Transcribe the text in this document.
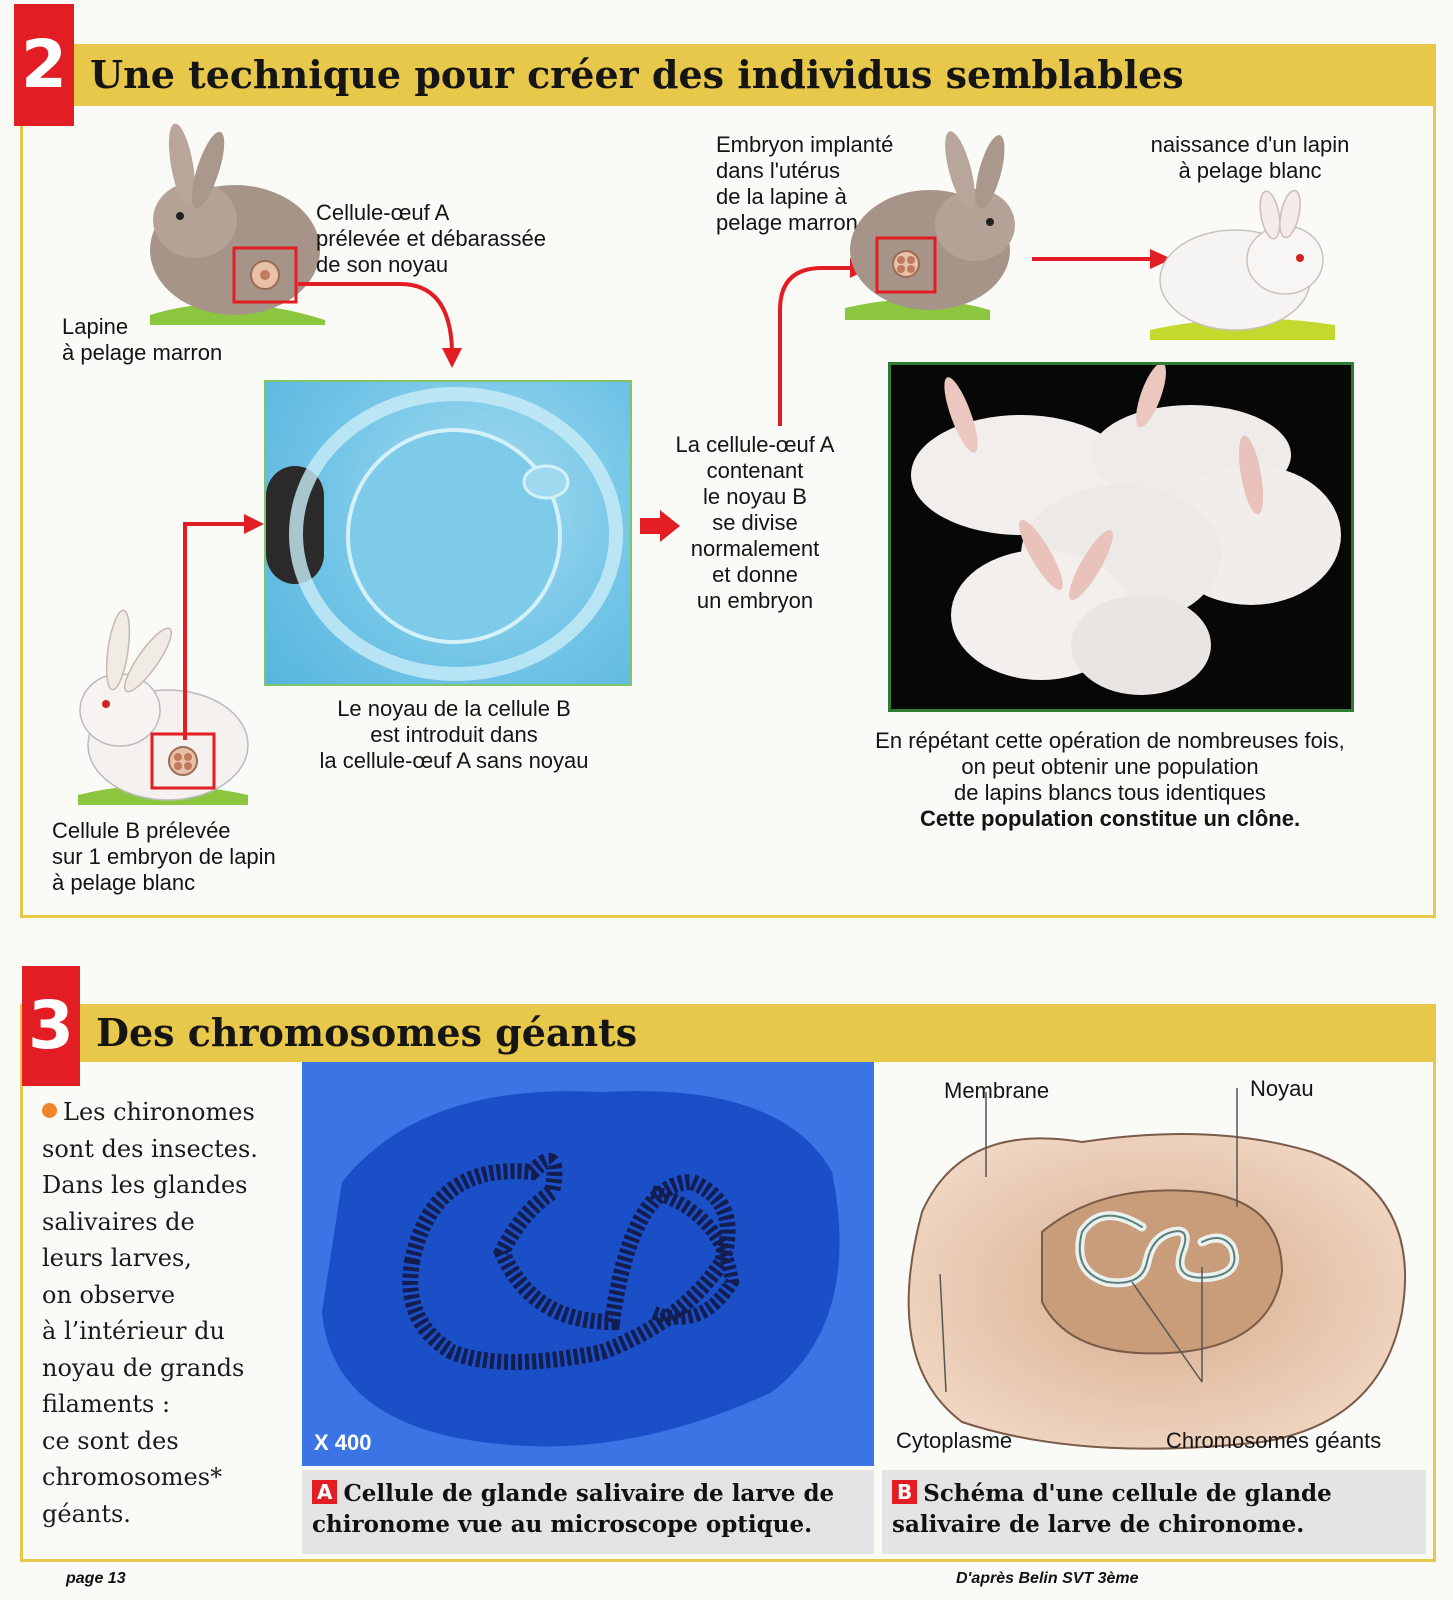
2 Une technique pour créer des individus semblables
Cellule-œuf A
prélevée et débarassée
de son noyau
Lapine
à pelage marron
Le noyau de la cellule B
est introduit dans
la cellule-œuf A sans noyau
Cellule B prélevée
sur 1 embryon de lapin
à pelage blanc
La cellule-œuf A
contenant
le noyau B
se divise
normalement
et donne
un embryon
Embryon implanté
dans l'utérus
de la lapine à
pelage marron
naissance d'un lapin
à pelage blanc
En répétant cette opération de nombreuses fois,
on peut obtenir une population
de lapins blancs tous identiques
Cette population constitue un clône.
3 Des chromosomes géants
Les chironomes
sont des insectes.
Dans les glandes
salivaires de
leurs larves,
on observe
à l’intérieur du
noyau de grands
filaments :
ce sont des
chromosomes*
géants.
X 400
A Cellule de glande salivaire de larve de chironome vue au microscope optique.
Membrane	Noyau
Cytoplasme	Chromosomes géants
B Schéma d'une cellule de glande salivaire de larve de chironome.
page 13	D'après Belin SVT 3ème
